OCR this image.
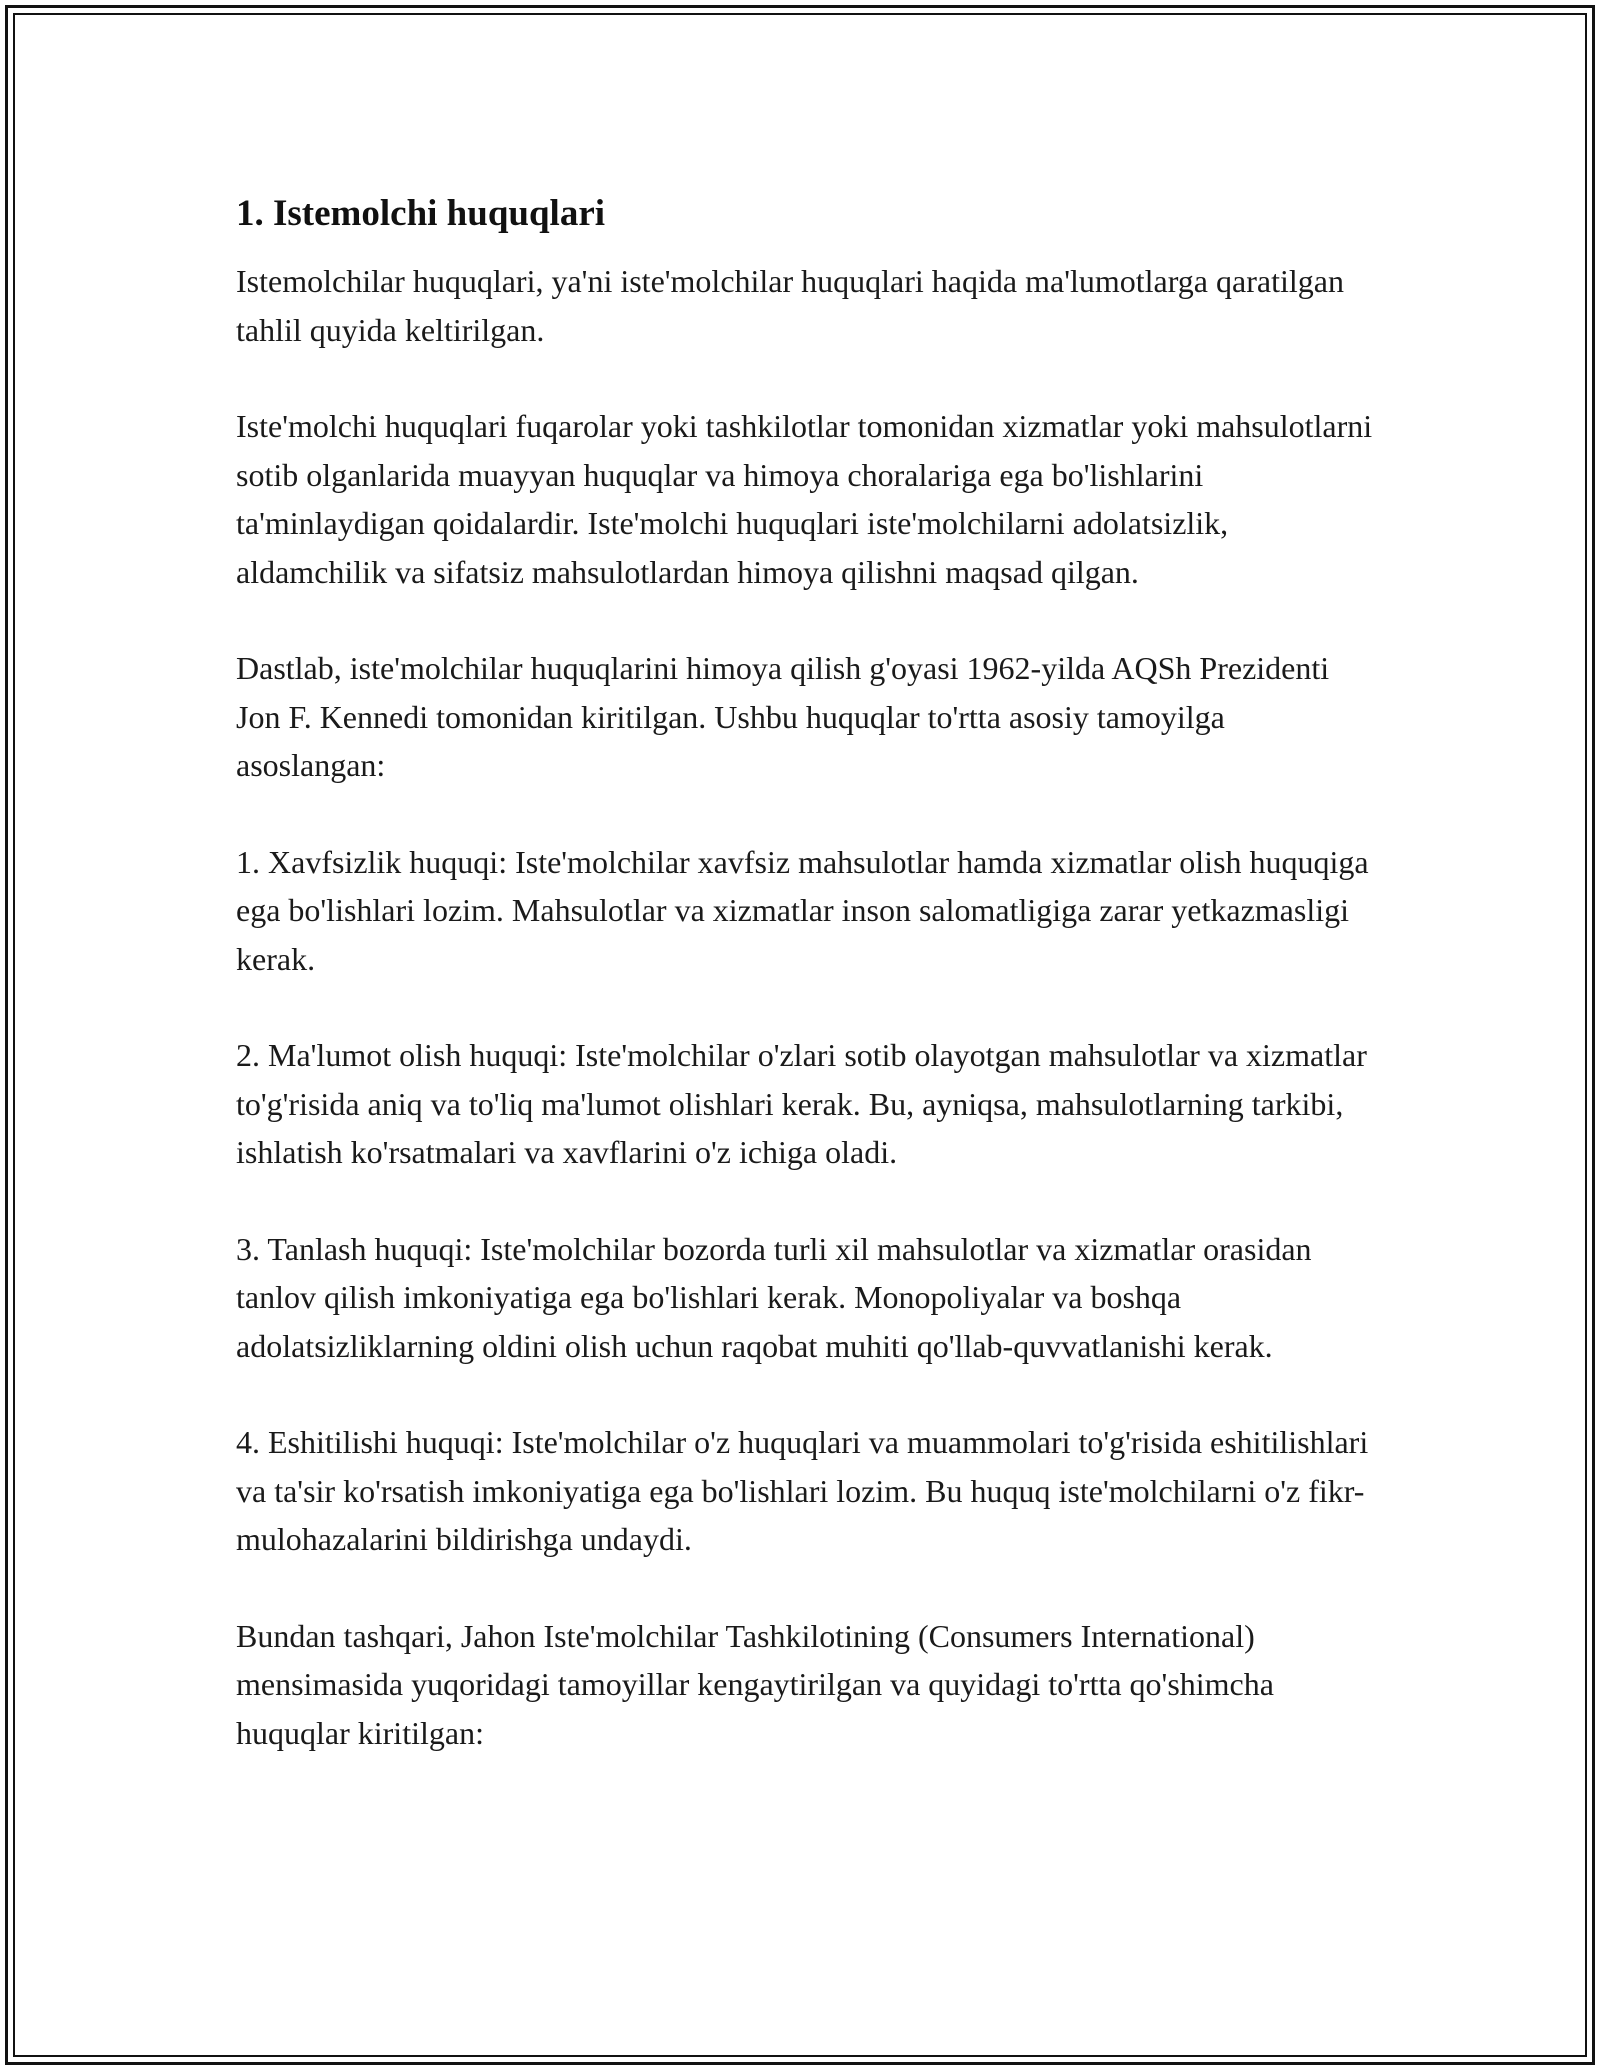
1. Istemolchi huquqlari

Istemolchilar huquqlari, ya'ni iste'molchilar huquqlari haqida ma'lumotlarga qaratilgan tahlil quyida keltirilgan.

Iste'molchi huquqlari fuqarolar yoki tashkilotlar tomonidan xizmatlar yoki mahsulotlarni sotib olganlarida muayyan huquqlar va himoya choralariga ega bo'lishlarini ta'minlaydigan qoidalardir. Iste'molchi huquqlari iste'molchilarni adolatsizlik, aldamchilik va sifatsiz mahsulotlardan himoya qilishni maqsad qilgan.

Dastlab, iste'molchilar huquqlarini himoya qilish g'oyasi 1962-yilda AQSh Prezidenti Jon F. Kennedi tomonidan kiritilgan. Ushbu huquqlar to'rtta asosiy tamoyilga asoslangan:

1. Xavfsizlik huquqi: Iste'molchilar xavfsiz mahsulotlar hamda xizmatlar olish huquqiga ega bo'lishlari lozim. Mahsulotlar va xizmatlar inson salomatligiga zarar yetkazmasligi kerak.

2. Ma'lumot olish huquqi: Iste'molchilar o'zlari sotib olayotgan mahsulotlar va xizmatlar to'g'risida aniq va to'liq ma'lumot olishlari kerak. Bu, ayniqsa, mahsulotlarning tarkibi, ishlatish ko'rsatmalari va xavflarini o'z ichiga oladi.

3. Tanlash huquqi: Iste'molchilar bozorda turli xil mahsulotlar va xizmatlar orasidan tanlov qilish imkoniyatiga ega bo'lishlari kerak. Monopoliyalar va boshqa adolatsizliklarning oldini olish uchun raqobat muhiti qo'llab-quvvatlanishi kerak.

4. Eshitilishi huquqi: Iste'molchilar o'z huquqlari va muammolari to'g'risida eshitilishlari va ta'sir ko'rsatish imkoniyatiga ega bo'lishlari lozim. Bu huquq iste'molchilarni o'z fikr-mulohazalarini bildirishga undaydi.

Bundan tashqari, Jahon Iste'molchilar Tashkilotining (Consumers International) mensimasida yuqoridagi tamoyillar kengaytirilgan va quyidagi to'rtta qo'shimcha huquqlar kiritilgan:
